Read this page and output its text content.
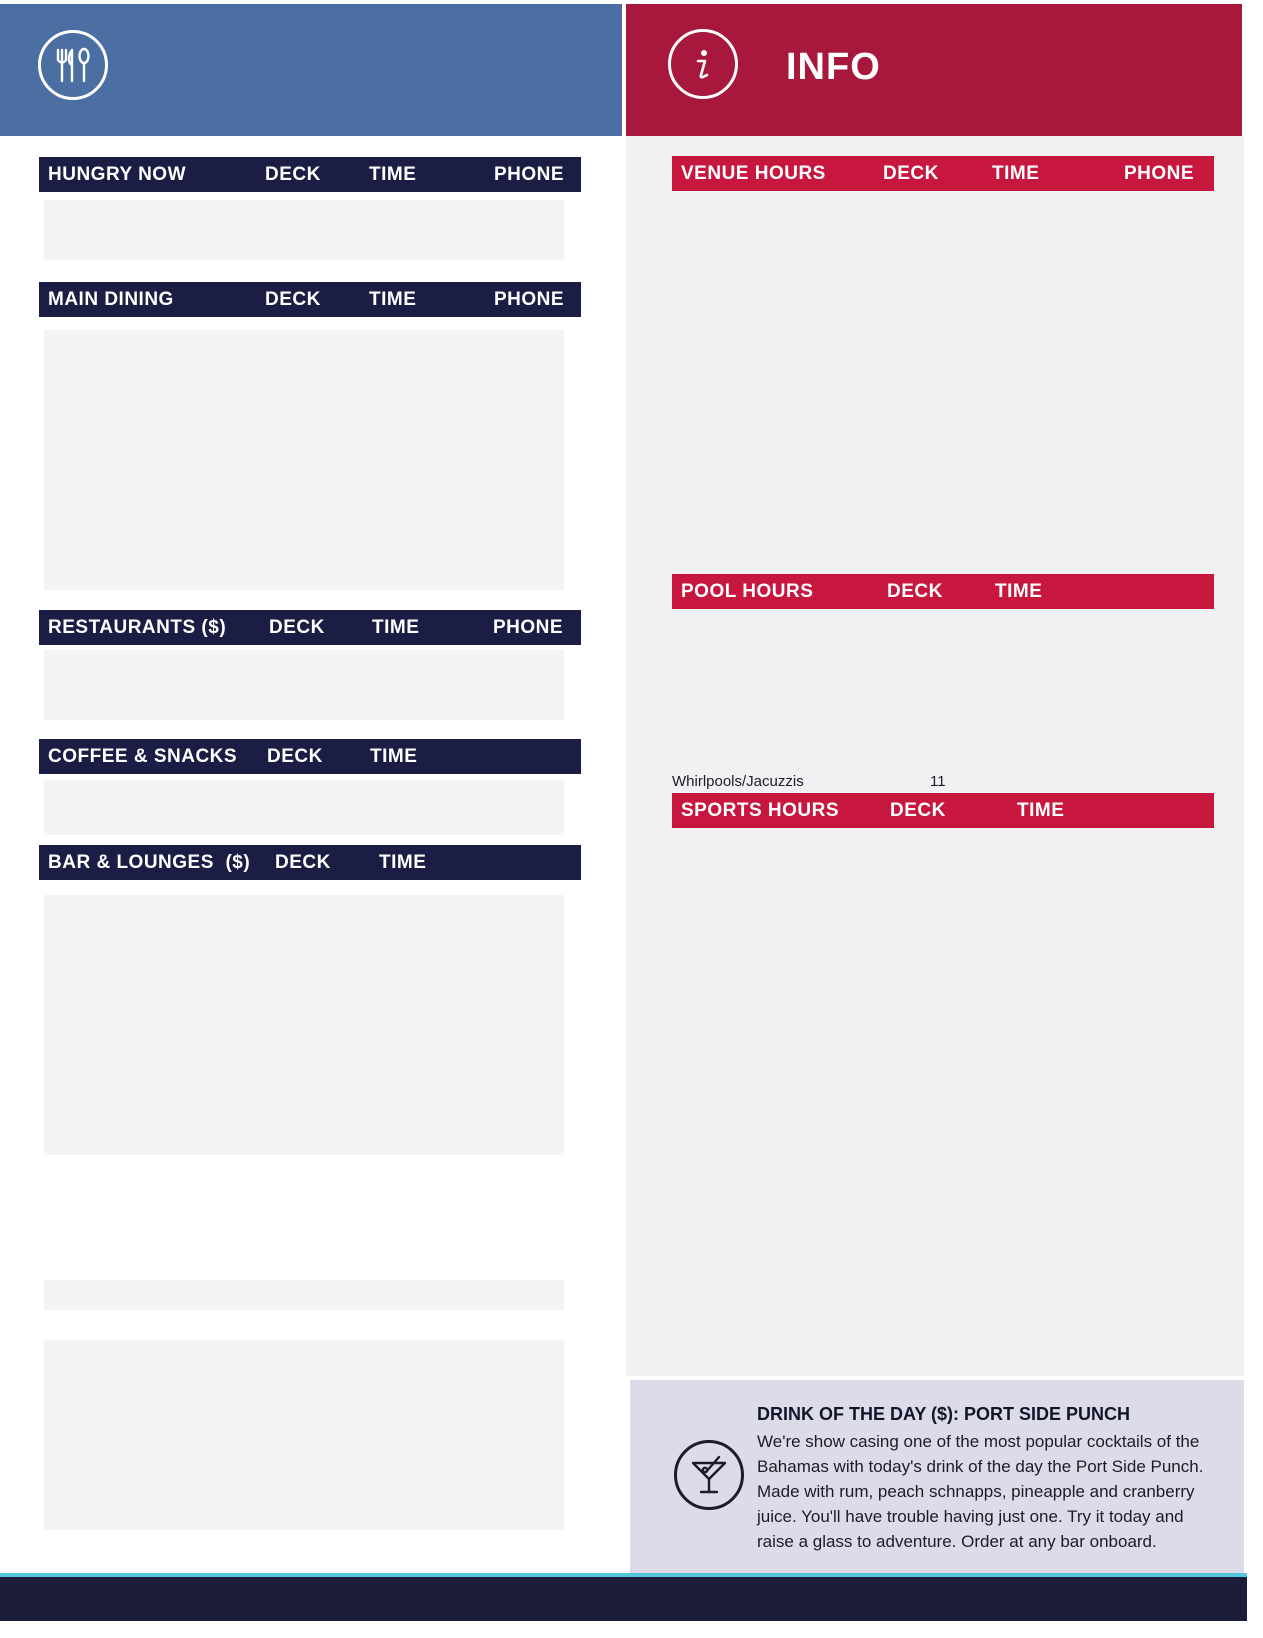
INFO
HUNGRY NOW	DECK	TIME	PHONE
MAIN DINING	DECK	TIME	PHONE
RESTAURANTS ($) DECK TIME	PHONE
COFFEE & SNACKS DECK TIME
BAR & LOUNGES  ($) DECK	TIME
VENUE HOURS	DECK	TIME	PHONE
POOL HOURS	DECK	TIME
Whirlpools/Jacuzzis	11
SPORTS HOURS	DECK	TIME
DRINK OF THE DAY ($): PORT SIDE PUNCH
We're show casing one of the most popular cocktails of the Bahamas with today's drink of the day the Port Side Punch. Made with rum, peach schnapps, pineapple and cranberry juice. You'll have trouble having just one. Try it today and raise a glass to adventure. Order at any bar onboard.
